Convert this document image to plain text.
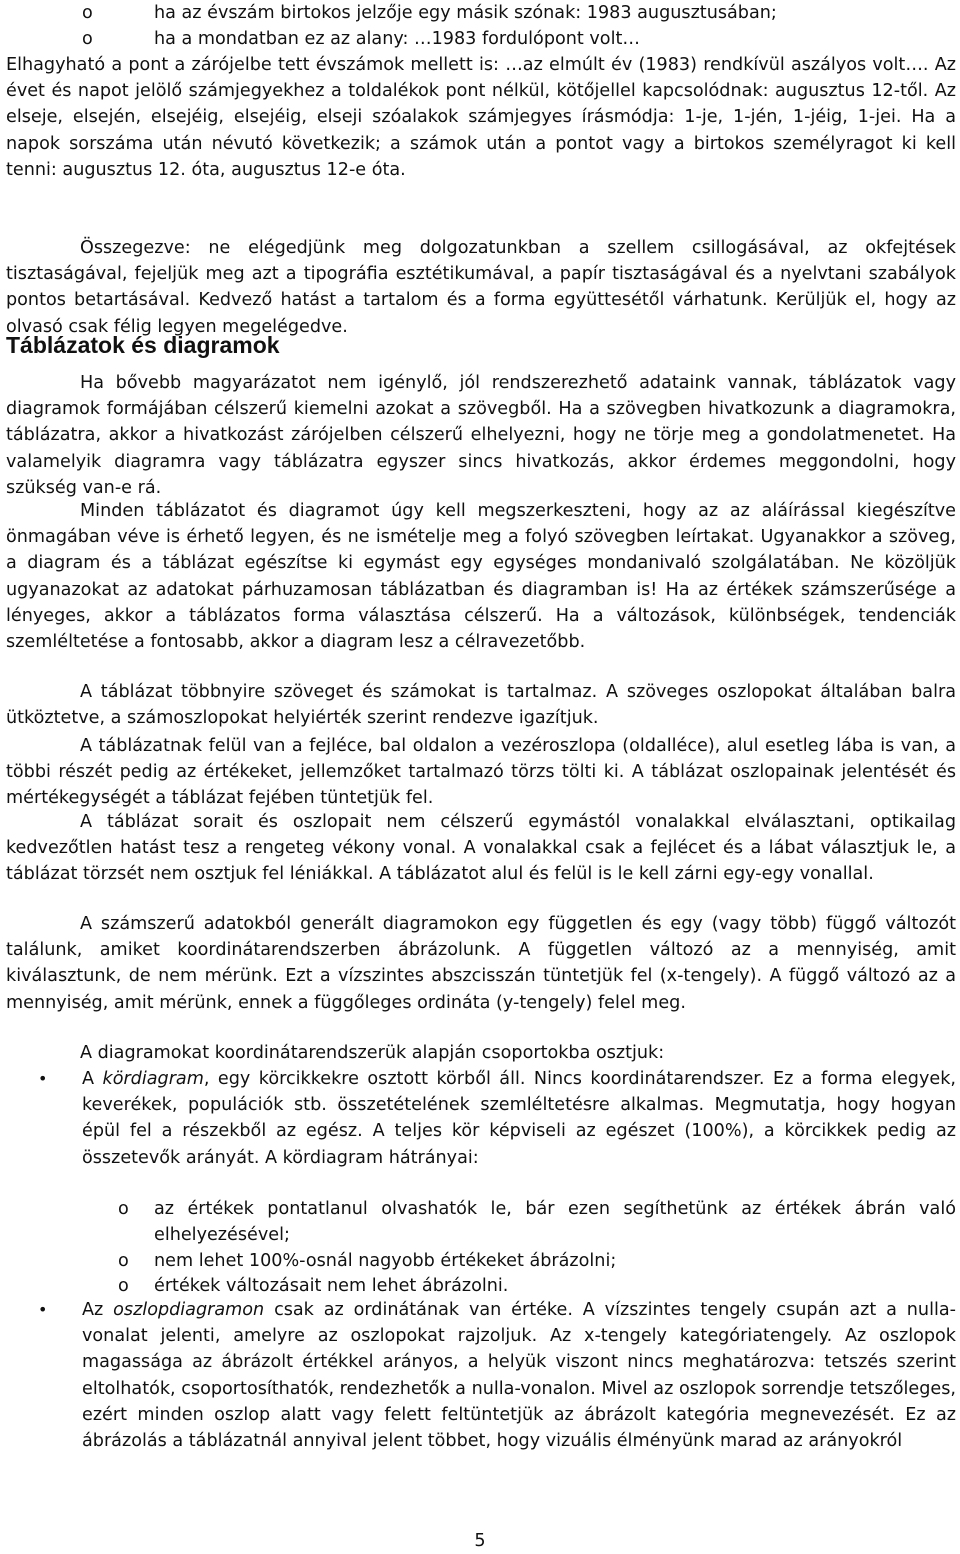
o	ha az évszám birtokos jelzője egy másik szónak: 1983 augusztusában;
o	ha a mondatban ez az alany: …1983 fordulópont volt…
Elhagyható a pont a zárójelbe tett évszámok mellett is: …az elmúlt év (1983) rendkívül aszályos volt…. Az évet és napot jelölő számjegyekhez a toldalékok pont nélkül, kötőjellel kapcsolódnak: augusztus 12-től. Az elseje, elsején, elsejéig, elsejéig, elseji szóalakok számjegyes írásmódja: 1-je, 1-jén, 1-jéig, 1-jei. Ha a napok sorszáma után névutó következik; a számok után a pontot vagy a birtokos személyragot ki kell tenni: augusztus 12. óta, augusztus 12-e óta.
Összegezve: ne elégedjünk meg dolgozatunkban a szellem csillogásával, az okfejtések tisztaságával, fejeljük meg azt a tipográfia esztétikumával, a papír tisztaságával és a nyelvtani szabályok pontos betartásával. Kedvező hatást a tartalom és a forma együttesétől várhatunk. Kerüljük el, hogy az olvasó csak félig legyen megelégedve.
Táblázatok és diagramok
Ha bővebb magyarázatot nem igénylő, jól rendszerezhető adataink vannak, táblázatok vagy diagramok formájában célszerű kiemelni azokat a szövegből. Ha a szövegben hivatkozunk a diagramokra, táblázatra, akkor a hivatkozást zárójelben célszerű elhelyezni, hogy ne törje meg a gondolatmenetet. Ha valamelyik diagramra vagy táblázatra egyszer sincs hivatkozás, akkor érdemes meggondolni, hogy szükség van-e rá.
Minden táblázatot és diagramot úgy kell megszerkeszteni, hogy az az aláírással kiegészítve önmagában véve is érhető legyen, és ne ismételje meg a folyó szövegben leírtakat. Ugyanakkor a szöveg, a diagram és a táblázat egészítse ki egymást egy egységes mondanivaló szolgálatában. Ne közöljük ugyanazokat az adatokat párhuzamosan táblázatban és diagramban is! Ha az értékek számszerűsége a lényeges, akkor a táblázatos forma választása célszerű. Ha a változások, különbségek, tendenciák szemléltetése a fontosabb, akkor a diagram lesz a célravezetőbb.
A táblázat többnyire szöveget és számokat is tartalmaz. A szöveges oszlopokat általában balra ütköztetve, a számoszlopokat helyiérték szerint rendezve igazítjuk.
A táblázatnak felül van a fejléce, bal oldalon a vezéroszlopa (oldallécе), alul esetleg lába is van, a többi részét pedig az értékeket, jellemzőket tartalmazó törzs tölti ki. A táblázat oszlopainak jelentését és mértékegységét a táblázat fejében tüntetjük fel.
A táblázat sorait és oszlopait nem célszerű egymástól vonalakkal elválasztani, optikailag kedvezőtlen hatást tesz a rengeteg vékony vonal. A vonalakkal csak a fejlécet és a lábat választjuk le, a táblázat törzsét nem osztjuk fel léniákkal. A táblázatot alul és felül is le kell zárni egy-egy vonallal.
A számszerű adatokból generált diagramokon egy független és egy (vagy több) függő változót találunk, amiket koordinátarendszerben ábrázolunk. A független változó az a mennyiség, amit kiválasztunk, de nem mérünk. Ezt a vízszintes abszcisszán tüntetjük fel (x-tengely). A függő változó az a mennyiség, amit mérünk, ennek a függőleges ordináta (y-tengely) felel meg.
A diagramokat koordinátarendszerük alapján csoportokba osztjuk:
•	A kördiagram, egy körcikkekre osztott körből áll. Nincs koordinátarendszer. Ez a forma elegyek, keverékek, populációk stb. összetételének szemléltetésre alkalmas. Megmutatja, hogy hogyan épül fel a részekből az egész. A teljes kör képviseli az egészet (100%), a körcikkek pedig az összetevők arányát. A kördiagram hátrányai:
o	az értékek pontatlanul olvashatók le, bár ezen segíthetünk az értékek ábrán való elhelyezésével;
o	nem lehet 100%-osnál nagyobb értékeket ábrázolni;
o	értékek változásait nem lehet ábrázolni.
•	Az oszlopdiagramon csak az ordinátának van értéke. A vízszintes tengely csupán azt a nulla-vonalat jelenti, amelyre az oszlopokat rajzoljuk. Az x-tengely kategóriatengely. Az oszlopok magassága az ábrázolt értékkel arányos, a helyük viszont nincs meghatározva: tetszés szerint eltolhatók, csoportosíthatók, rendezhetők a nulla-vonalon. Mivel az oszlopok sorrendje tetszőleges, ezért minden oszlop alatt vagy felett feltüntetjük az ábrázolt kategória megnevezését. Ez az ábrázolás a táblázatnál annyival jelent többet, hogy vizuális élményünk marad az arányokról
5
